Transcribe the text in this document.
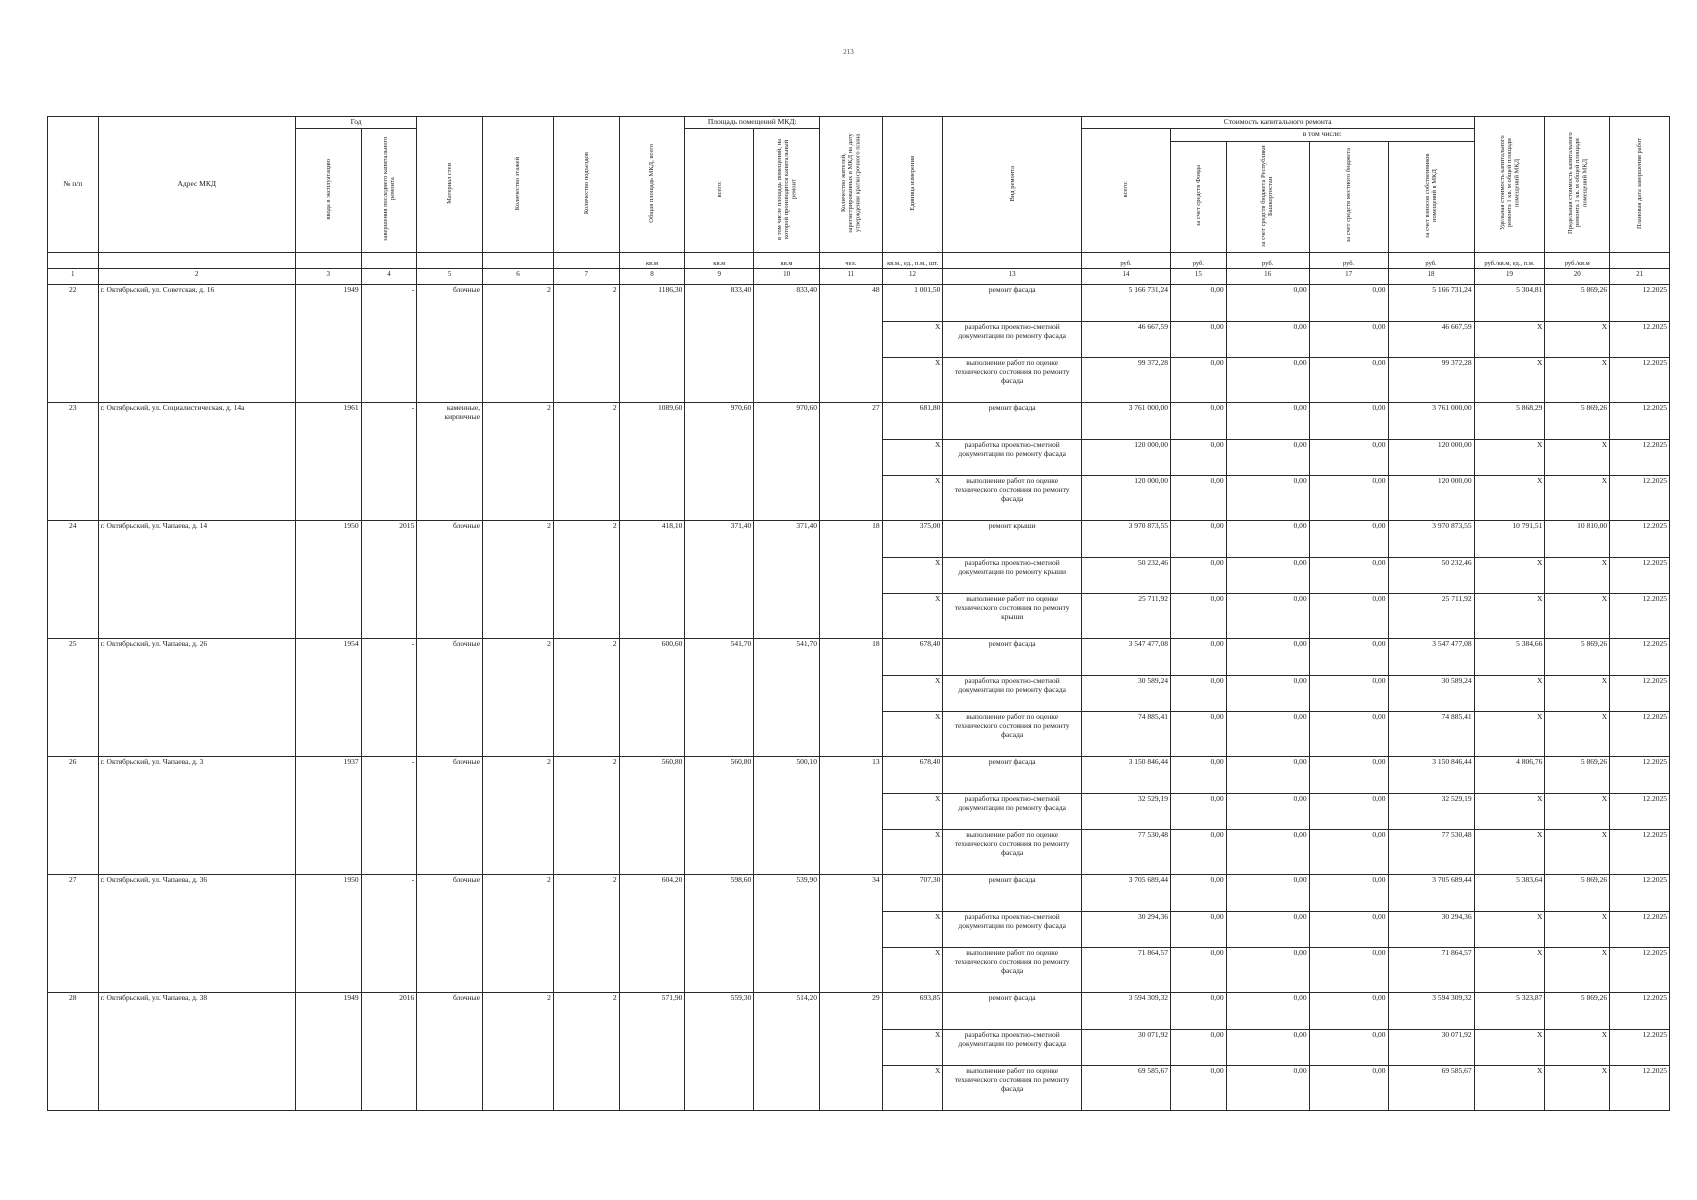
213
№ п/п	Адрес МКД	Год		Материал стен	Количество этажей	Количество подъездов	Общая площадь МКД, всего	Площадь помещений МКД:		Количество жителей, зарегистрированных в МКД на дату утверждения краткосрочного плана	Единица измерения	Вид ремонта	Стоимость капитального ремонта					Удельная стоимость капитального ремонта 1 кв. м общей площади помещений МКД	Предельная стоимость капитального ремонта 1 кв. м общей площади помещений МКД	Плановая дата завершения работ
		ввода в эксплуатацию	завершения последнего капитального ремонта					всего:	в том числе площадь помещений, на которой производится капитальный ремонт				всего:	в том числе:						
														за счет средств Фонда	за счет средств бюджета Республики Башкортостан	за счет средств местного бюджета	за счет взносов собственников помещений в МКД			
							кв.м	кв.м	кв.м	чел.	кв.м., ед., п.м., шт.		руб.	руб.	руб.	руб.	руб.	руб./кв.м, ед., п.м.	руб./кв.м	
1	2	3	4	5	6	7	8	9	10	11	12	13	14	15	16	17	18	19	20	21
22	г. Октябрьский, ул. Советская, д. 16	1949	-	блочные	2	2	1186,30	833,40	833,40	48	1 001,50	ремонт фасада	5 166 731,24	0,00	0,00	0,00	5 166 731,24	5 304,81	5 869,26	12.2025
											X	разработка проектно-сметной документации по ремонту фасада	46 667,59	0,00	0,00	0,00	46 667,59	X	X	12.2025
											X	выполнение работ по оценке технического состояния по ремонту фасада	99 372,28	0,00	0,00	0,00	99 372,28	X	X	12.2025
23	г. Октябрьский, ул. Социалистическая, д. 14а	1961	-	каменные, кирпичные	2	2	1089,60	970,60	970,60	27	681,80	ремонт фасада	3 761 000,00	0,00	0,00	0,00	3 761 000,00	5 868,29	5 869,26	12.2025
											X	разработка проектно-сметной документации по ремонту фасада	120 000,00	0,00	0,00	0,00	120 000,00	X	X	12.2025
											X	выполнение работ по оценке технического состояния по ремонту фасада	120 000,00	0,00	0,00	0,00	120 000,00	X	X	12.2025
24	г. Октябрьский, ул. Чапаева, д. 14	1950	2015	блочные	2	2	418,10	371,40	371,40	18	375,00	ремонт крыши	3 970 873,55	0,00	0,00	0,00	3 970 873,55	10 791,51	10 810,00	12.2025
											X	разработка проектно-сметной документации по ремонту крыши	50 232,46	0,00	0,00	0,00	50 232,46	X	X	12.2025
											X	выполнение работ по оценке технического состояния по ремонту крыши	25 711,92	0,00	0,00	0,00	25 711,92	X	X	12.2025
25	г. Октябрьский, ул. Чапаева, д. 26	1954	-	блочные	2	2	600,60	541,70	541,70	18	678,40	ремонт фасада	3 547 477,08	0,00	0,00	0,00	3 547 477,08	5 384,66	5 869,26	12.2025
											X	разработка проектно-сметной документации по ремонту фасада	30 589,24	0,00	0,00	0,00	30 589,24	X	X	12.2025
											X	выполнение работ по оценке технического состояния по ремонту фасада	74 885,41	0,00	0,00	0,00	74 885,41	X	X	12.2025
26	г. Октябрьский, ул. Чапаева, д. 3	1937	-	блочные	2	2	560,80	560,80	500,10	13	678,40	ремонт фасада	3 150 846,44	0,00	0,00	0,00	3 150 846,44	4 806,76	5 869,26	12.2025
											X	разработка проектно-сметной документации по ремонту фасада	32 529,19	0,00	0,00	0,00	32 529,19	X	X	12.2025
											X	выполнение работ по оценке технического состояния по ремонту фасада	77 530,48	0,00	0,00	0,00	77 530,48	X	X	12.2025
27	г. Октябрьский, ул. Чапаева, д. 36	1950	-	блочные	2	2	604,20	598,60	539,90	34	707,30	ремонт фасада	3 705 689,44	0,00	0,00	0,00	3 705 689,44	5 383,64	5 869,26	12.2025
											X	разработка проектно-сметной документации по ремонту фасада	30 294,36	0,00	0,00	0,00	30 294,36	X	X	12.2025
											X	выполнение работ по оценке технического состояния по ремонту фасада	71 864,57	0,00	0,00	0,00	71 864,57	X	X	12.2025
28	г. Октябрьский, ул. Чапаева, д. 38	1949	2016	блочные	2	2	571,90	559,30	514,20	29	693,85	ремонт фасада	3 594 309,32	0,00	0,00	0,00	3 594 309,32	5 323,87	5 869,26	12.2025
											X	разработка проектно-сметной документации по ремонту фасада	30 071,92	0,00	0,00	0,00	30 071,92	X	X	12.2025
											X	выполнение работ по оценке технического состояния по ремонту фасада	69 585,67	0,00	0,00	0,00	69 585,67	X	X	12.2025
